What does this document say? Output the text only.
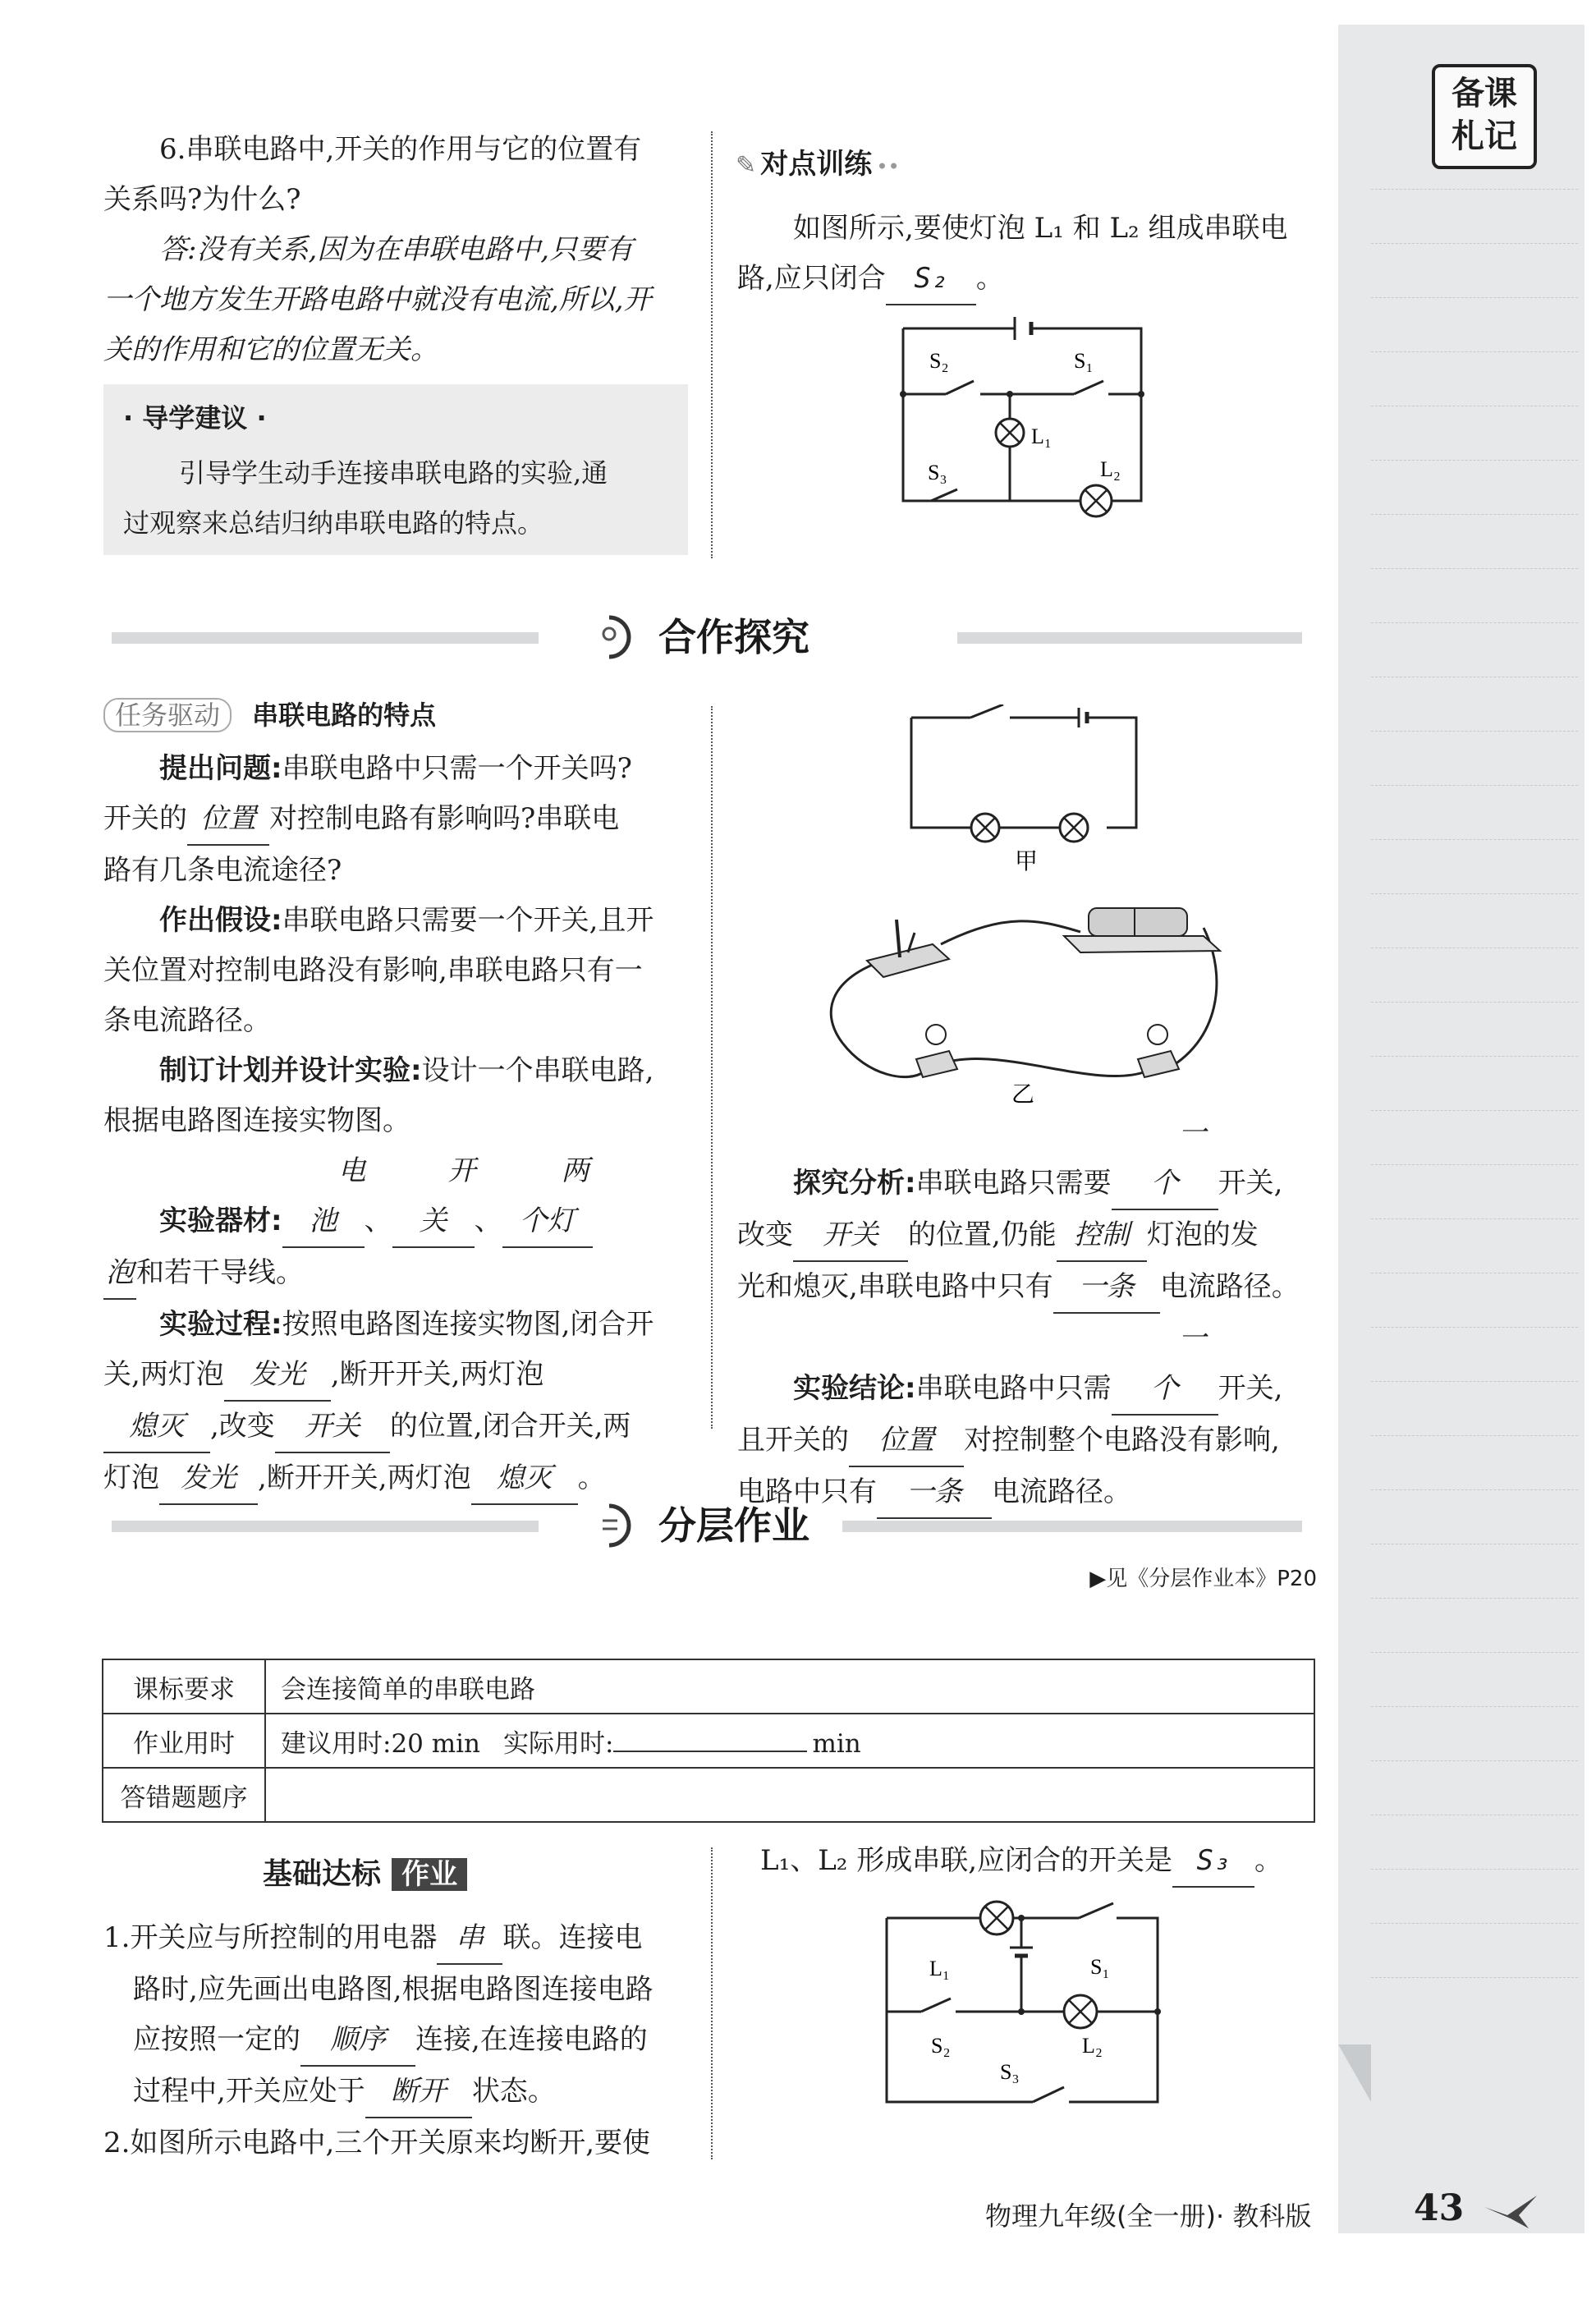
备课
札记
6.串联电路中,开关的作用与它的位置有
关系吗?为什么?
答:没有关系,因为在串联电路中,只要有
一个地方发生开路电路中就没有电流,所以,开
关的作用和它的位置无关。
· 导学建议 ·
引导学生动手连接串联电路的实验,通
过观察来总结归纳串联电路的特点。
✎ 对点训练 ••
如图所示,要使灯泡 L₁ 和 L₂ 组成串联电
路,应只闭合 S₂ 。
S₂	S₁
L₁
S₃	L₂
合作探究
任务驱动 串联电路的特点
提出问题:串联电路中只需一个开关吗?
开关的 位置 对控制电路有影响吗?串联电
路有几条电流途径?
作出假设:串联电路只需要一个开关,且开
关位置对控制电路没有影响,串联电路只有一
条电流路径。
制订计划并设计实验:设计一个串联电路,
根据电路图连接实物图。
实验器材:电池 、开关 、两个灯
泡和若干导线。
实验过程:按照电路图连接实物图,闭合开
关,两灯泡 发光 ,断开开关,两灯泡
熄灭 ,改变 开关 的位置,闭合开关,两
灯泡 发光 ,断开开关,两灯泡 熄灭 。
甲
乙
探究分析:串联电路只需要一个 开关,
改变 开关 的位置,仍能 控制 灯泡的发
光和熄灭,串联电路中只有 一条 电流路径。
实验结论:串联电路中只需一个 开关,
且开关的 位置 对控制整个电路没有影响,
电路中只有 一条 电流路径。
分层作业
▶见《分层作业本》P20
课标要求	会连接简单的串联电路
作业用时	建议用时:20 min 实际用时: min
答错题题序	
基础达标 作业
1.开关应与所控制的用电器 串 联。连接电
路时,应先画出电路图,根据电路图连接电路
应按照一定的 顺序 连接,在连接电路的
过程中,开关应处于 断开 状态。
2.如图所示电路中,三个开关原来均断开,要使
L₁、L₂ 形成串联,应闭合的开关是 S₃ 。
L₁	S₁
S₂	L₂
S₃
物理九年级(全一册)· 教科版	43
